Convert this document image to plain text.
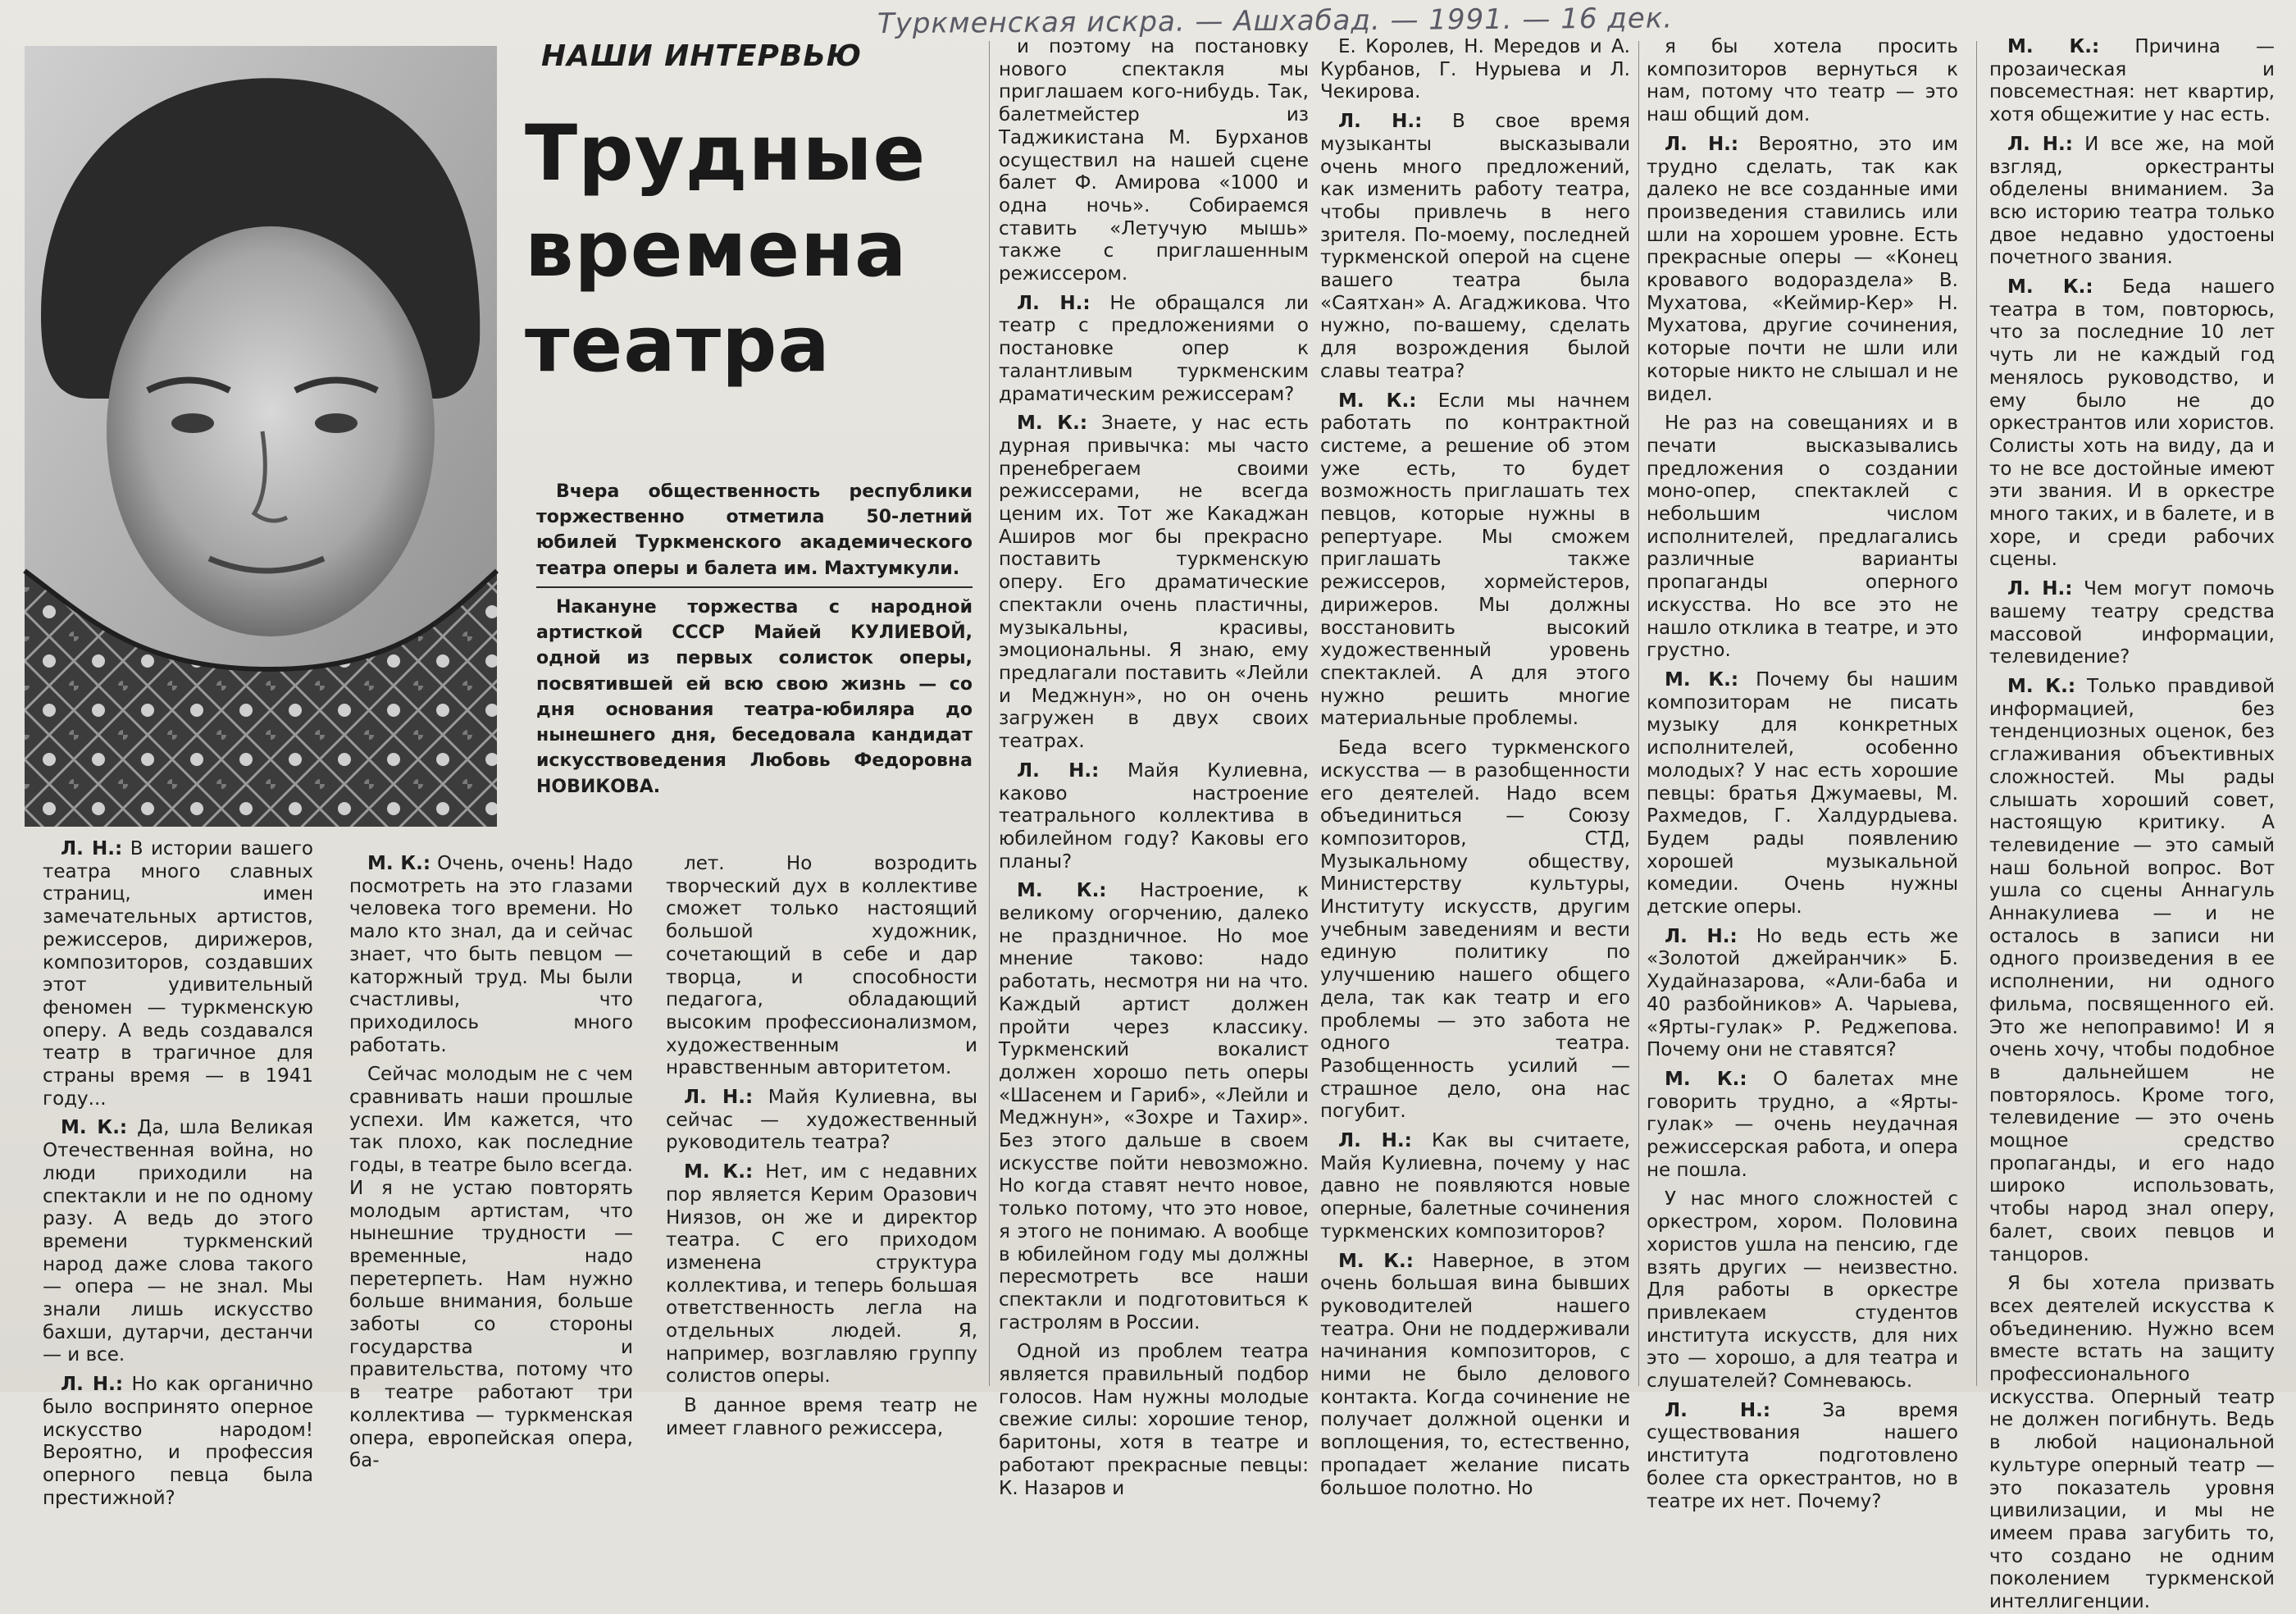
Туркменская искра. — Ашхабад. — 1991. — 16 дек.
НАШИ ИНТЕРВЬЮ
Трудные
времена
театра

Вчера общественность республики торжественно отметила 50-летний юбилей Туркменского академического театра оперы и балета им. Махтумкули.

Накануне торжества с народной артисткой СССР Майей КУЛИЕВОЙ, одной из первых солисток оперы, посвятившей ей всю свою жизнь — со дня основания театра-юбиляра до нынешнего дня, беседовала кандидат искусствоведения Любовь Федоровна НОВИКОВА.

Л. Н.: В истории вашего театра много славных страниц, имен замечательных артистов, режиссеров, дирижеров, композиторов, создавших этот удивительный феномен — туркменскую оперу. А ведь создавался театр в трагичное для страны время — в 1941 году...

М. К.: Да, шла Великая Отечественная война, но люди приходили на спектакли и не по одному разу. А ведь до этого времени туркменский народ даже слова такого — опера — не знал. Мы знали лишь искусство бахши, дутарчи, дестанчи — и все.

Л. Н.: Но как органично было воспринято оперное искусство народом! Вероятно, и профессия оперного певца была престижной?

М. К.: Очень, очень! Надо посмотреть на это глазами человека того времени. Но мало кто знал, да и сейчас знает, что быть певцом — каторжный труд. Мы были счастливы, что приходилось много работать.

Сейчас молодым не с чем сравнивать наши прошлые успехи. Им кажется, что так плохо, как последние годы, в театре было всегда. И я не устаю повторять молодым артистам, что нынешние трудности — временные, надо перетерпеть. Нам нужно больше внимания, больше заботы со стороны государства и правительства, потому что в театре работают три коллектива — туркменская опера, европейская опера, ба-

лет. Но возродить творческий дух в коллективе сможет только настоящий большой художник, сочетающий в себе и дар творца, и способности педагога, обладающий высоким профессионализмом, художественным и нравственным авторитетом.

Л. Н.: Майя Кулиевна, вы сейчас — художественный руководитель театра?

М. К.: Нет, им с недавних пор является Керим Оразович Ниязов, он же и директор театра. С его приходом изменена структура коллектива, и теперь большая ответственность легла на отдельных людей. Я, например, возглавляю группу солистов оперы.

В данное время театр не имеет главного режиссера,

и поэтому на постановку нового спектакля мы приглашаем кого-нибудь. Так, балетмейстер из Таджикистана М. Бурханов осуществил на нашей сцене балет Ф. Амирова «1000 и одна ночь». Собираемся ставить «Летучую мышь» также с приглашенным режиссером.

Л. Н.: Не обращался ли театр с предложениями о постановке опер к талантливым туркменским драматическим режиссерам?

М. К.: Знаете, у нас есть дурная привычка: мы часто пренебрегаем своими режиссерами, не всегда ценим их. Тот же Какаджан Аширов мог бы прекрасно поставить туркменскую оперу. Его драматические спектакли очень пластичны, музыкальны, красивы, эмоциональны. Я знаю, ему предлагали поставить «Лейли и Меджнун», но он очень загружен в двух своих театрах.

Л. Н.: Майя Кулиевна, каково настроение театрального коллектива в юбилейном году? Каковы его планы?

М. К.: Настроение, к великому огорчению, далеко не праздничное. Но мое мнение таково: надо работать, несмотря ни на что. Каждый артист должен пройти через классику. Туркменский вокалист должен хорошо петь оперы «Шасенем и Гариб», «Лейли и Меджнун», «Зохре и Тахир». Без этого дальше в своем искусстве пойти невозможно. Но когда ставят нечто новое, только потому, что это новое, я этого не понимаю. А вообще в юбилейном году мы должны пересмотреть все наши спектакли и подготовиться к гастролям в России.

Одной из проблем театра является правильный подбор голосов. Нам нужны молодые свежие силы: хорошие тенор, баритоны, хотя в театре и работают прекрасные певцы: К. Назаров и

Е. Королев, Н. Мередов и А. Курбанов, Г. Нурыева и Л. Чекирова.

Л. Н.: В свое время музыканты высказывали очень много предложений, как изменить работу театра, чтобы привлечь в него зрителя. По-моему, последней туркменской оперой на сцене вашего театра была «Саятхан» А. Агаджикова. Что нужно, по-вашему, сделать для возрождения былой славы театра?

М. К.: Если мы начнем работать по контрактной системе, а решение об этом уже есть, то будет возможность приглашать тех певцов, которые нужны в репертуаре. Мы сможем приглашать также режиссеров, хормейстеров, дирижеров. Мы должны восстановить высокий художественный уровень спектаклей. А для этого нужно решить многие материальные проблемы.

Беда всего туркменского искусства — в разобщенности его деятелей. Надо всем объединиться — Союзу композиторов, СТД, Музыкальному обществу, Министерству культуры, Институту искусств, другим учебным заведениям и вести единую политику по улучшению нашего общего дела, так как театр и его проблемы — это забота не одного театра. Разобщенность усилий — страшное дело, она нас погубит.

Л. Н.: Как вы считаете, Майя Кулиевна, почему у нас давно не появляются новые оперные, балетные сочинения туркменских композиторов?

М. К.: Наверное, в этом очень большая вина бывших руководителей нашего театра. Они не поддерживали начинания композиторов, с ними не было делового контакта. Когда сочинение не получает должной оценки и воплощения, то, естественно, пропадает желание писать большое полотно. Но

я бы хотела просить композиторов вернуться к нам, потому что театр — это наш общий дом.

Л. Н.: Вероятно, это им трудно сделать, так как далеко не все созданные ими произведения ставились или шли на хорошем уровне. Есть прекрасные оперы — «Конец кровавого водораздела» В. Мухатова, «Кеймир-Кер» Н. Мухатова, другие сочинения, которые почти не шли или которые никто не слышал и не видел.

Не раз на совещаниях и в печати высказывались предложения о создании моно-опер, спектаклей с небольшим числом исполнителей, предлагались различные варианты пропаганды оперного искусства. Но все это не нашло отклика в театре, и это грустно.

М. К.: Почему бы нашим композиторам не писать музыку для конкретных исполнителей, особенно молодых? У нас есть хорошие певцы: братья Джумаевы, М. Рахмедов, Г. Халдурдыева. Будем рады появлению хорошей музыкальной комедии. Очень нужны детские оперы.

Л. Н.: Но ведь есть же «Золотой джейранчик» Б. Худайназарова, «Али-баба и 40 разбойников» А. Чарыева, «Ярты-гулак» Р. Реджепова. Почему они не ставятся?

М. К.: О балетах мне говорить трудно, а «Ярты-гулак» — очень неудачная режиссерская работа, и опера не пошла.

У нас много сложностей с оркестром, хором. Половина хористов ушла на пенсию, где взять других — неизвестно. Для работы в оркестре привлекаем студентов института искусств, для них это — хорошо, а для театра и слушателей? Сомневаюсь.

Л. Н.:	За время существования нашего института подготовлено более ста оркестрантов, но в театре их нет. Почему?

М. К.: Причина — прозаическая и повсеместная: нет квартир, хотя общежитие у нас есть.

Л. Н.: И все же, на мой взгляд, оркестранты обделены вниманием. За всю историю театра только двое недавно удостоены почетного звания.

М. К.: Беда нашего театра в том, повторюсь, что за последние 10 лет чуть ли не каждый год менялось руководство, и ему было не до оркестрантов или хористов. Солисты хоть на виду, да и то не все достойные имеют эти звания. И в оркестре много таких, и в балете, и в хоре, и среди рабочих сцены.

Л. Н.: Чем могут помочь вашему театру средства массовой информации, телевидение?

М. К.: Только правдивой информацией, без тенденциозных оценок, без сглаживания объективных сложностей. Мы рады слышать хороший совет, настоящую критику. А телевидение — это самый наш больной вопрос. Вот ушла со сцены Аннагуль Аннакулиева — и не осталось в записи ни одного произведения в ее исполнении, ни одного фильма, посвященного ей. Это же непоправимо! И я очень хочу, чтобы подобное в дальнейшем не повторялось. Кроме того, телевидение — это очень мощное средство пропаганды, и его надо широко использовать, чтобы народ знал оперу, балет, своих певцов и танцоров.

Я бы хотела призвать всех деятелей искусства к объединению. Нужно всем вместе встать на защиту профессионального искусства. Оперный театр не должен погибнуть. Ведь в любой национальной культуре оперный театр — это показатель уровня цивилизации, и мы не имеем права загубить то, что создано не одним поколением туркменской интеллигенции.
